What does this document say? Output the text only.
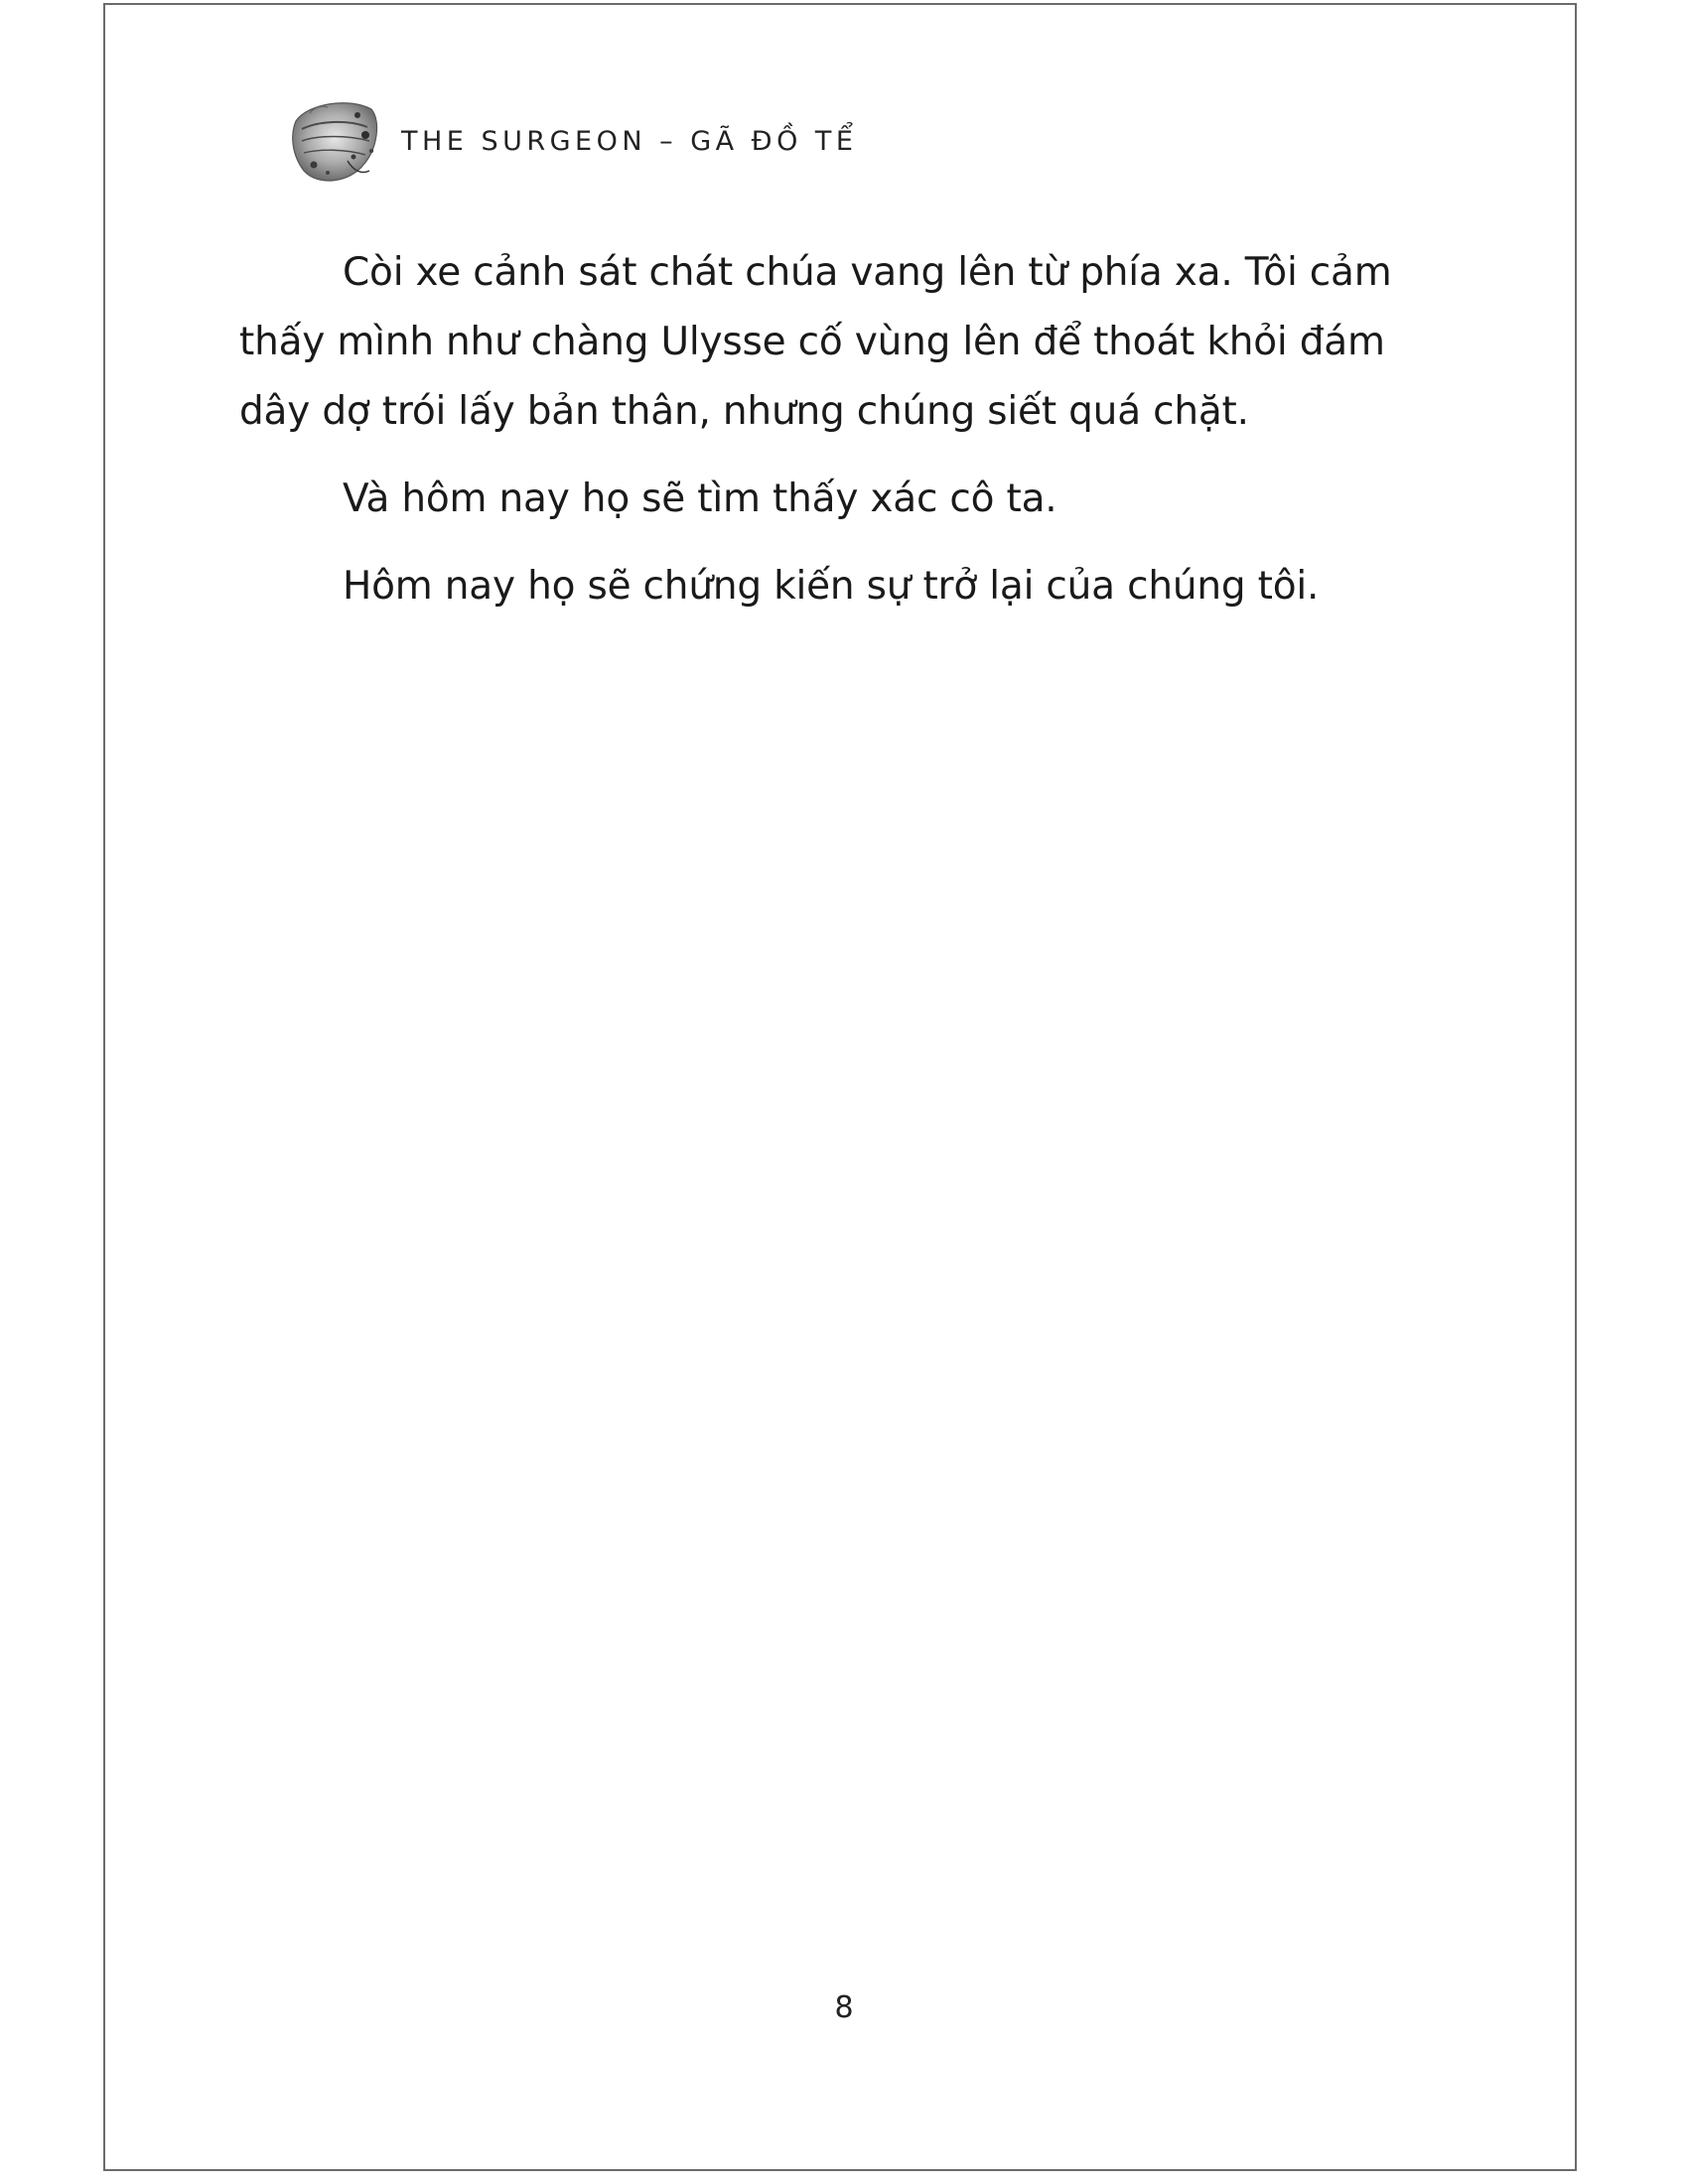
THE SURGEON – GÃ ĐỒ TỂ

Còi xe cảnh sát chát chúa vang lên từ phía xa. Tôi cảm
thấy mình như chàng Ulysse cố vùng lên để thoát khỏi đám
dây dợ trói lấy bản thân, nhưng chúng siết quá chặt.

Và hôm nay họ sẽ tìm thấy xác cô ta.

Hôm nay họ sẽ chứng kiến sự trở lại của chúng tôi.

8
